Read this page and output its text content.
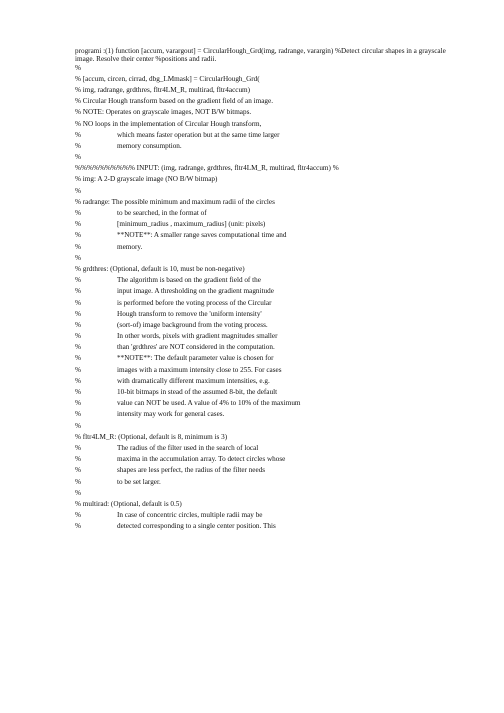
programi :(1) function [accum, varargout] = CircularHough_Grd(img, radrange, varargin) %Detect circular shapes in a grayscale image. Resolve their center %positions and radii.

%
% [accum, circen, cirrad, dbg_LMmask] = CircularHough_Grd(
% img, radrange, grdthres, fltr4LM_R, multirad, fltr4accum)
% Circular Hough transform based on the gradient field of an image.
% NOTE: Operates on grayscale images, NOT B/W bitmaps.
% NO loops in the implementation of Circular Hough transform,
%	which means faster operation but at the same time larger
%	memory consumption.
%
%%%%%%%%%% INPUT: (img, radrange, grdthres, fltr4LM_R, multirad, fltr4accum) %
% img: A 2-D grayscale image (NO B/W bitmap)
%
% radrange: The possible minimum and maximum radii of the circles
%	to be searched, in the format of
%	[minimum_radius , maximum_radius] (unit: pixels)
%	**NOTE**: A smaller range saves computational time and
%	memory.
%
% grdthres: (Optional, default is 10, must be non-negative)
%	The algorithm is based on the gradient field of the
%	input image. A thresholding on the gradient magnitude
%	is performed before the voting process of the Circular
%	Hough transform to remove the 'uniform intensity'
%	(sort-of) image background from the voting process.
%	In other words, pixels with gradient magnitudes smaller
%	than 'grdthres' are NOT considered in the computation.
%	**NOTE**: The default parameter value is chosen for
%	images with a maximum intensity close to 255. For cases
%	with dramatically different maximum intensities, e.g.
%	10-bit bitmaps in stead of the assumed 8-bit, the default
%	value can NOT be used. A value of 4% to 10% of the maximum
%	intensity may work for general cases.
%
% fltr4LM_R: (Optional, default is 8, minimum is 3)
%	The radius of the filter used in the search of local
%	maxima in the accumulation array. To detect circles whose
%	shapes are less perfect, the radius of the filter needs
%	to be set larger.
%
% multirad: (Optional, default is 0.5)
%	In case of concentric circles, multiple radii may be
%	detected corresponding to a single center position. This
